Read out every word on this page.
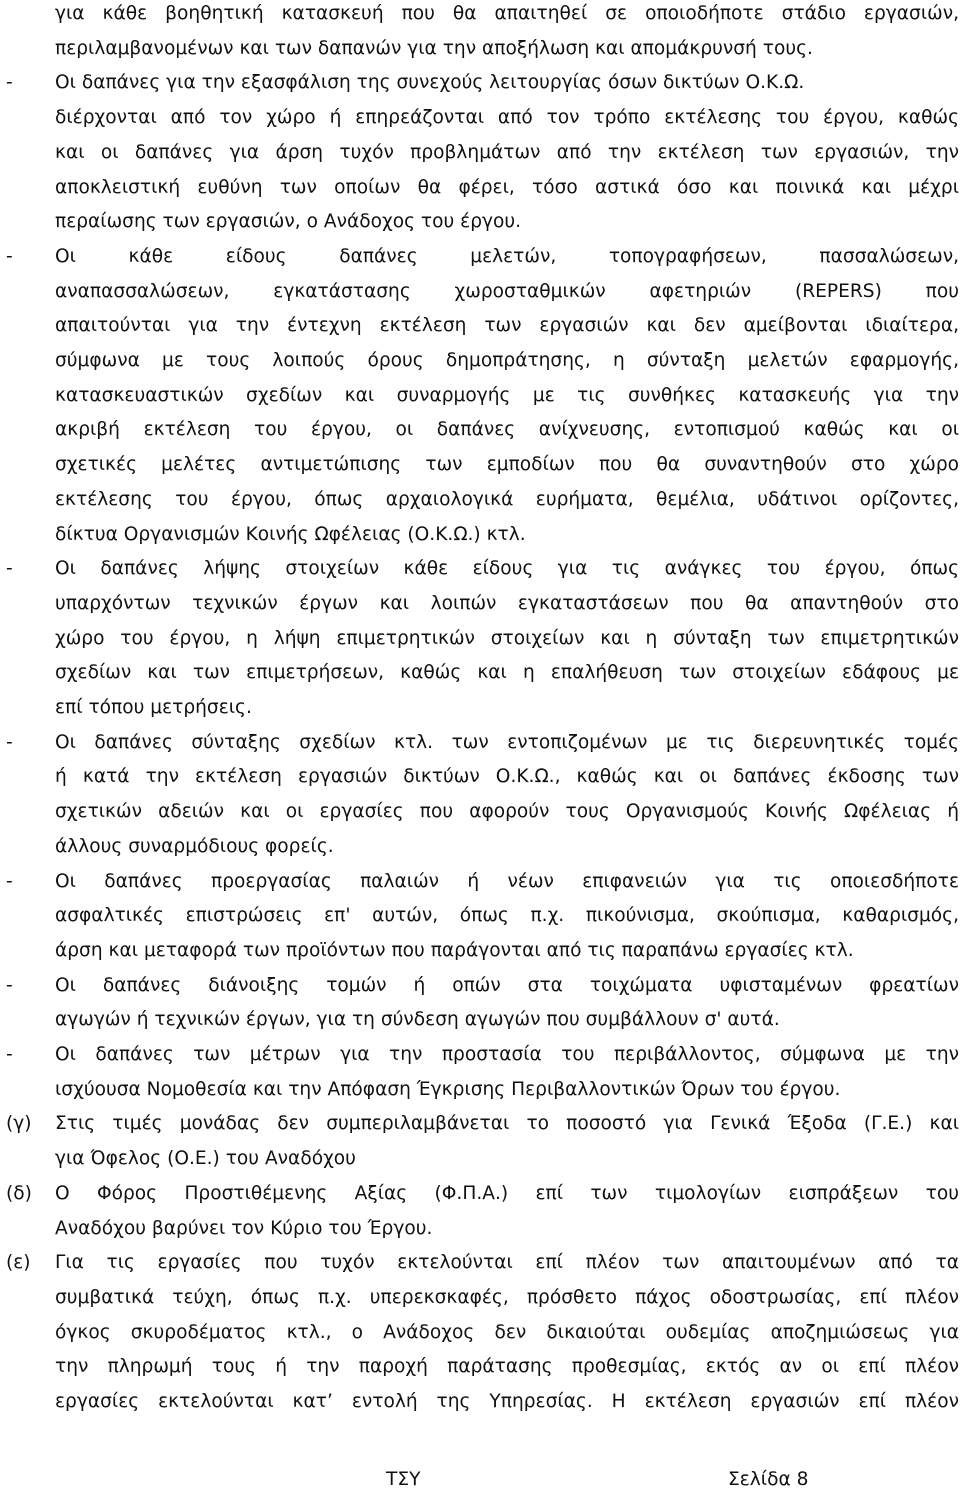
για κάθε βοηθητική κατασκευή που θα απαιτηθεί σε οποιοδήποτε στάδιο εργασιών,
περιλαμβανομένων και των δαπανών για την αποξήλωση και απομάκρυνσή τους.
- Οι δαπάνες για την εξασφάλιση της συνεχούς λειτουργίας όσων δικτύων Ο.Κ.Ω.
διέρχονται από τον χώρο ή επηρεάζονται από τον τρόπο εκτέλεσης του έργου, καθώς
και οι δαπάνες για άρση τυχόν προβλημάτων από την εκτέλεση των εργασιών, την
αποκλειστική ευθύνη των οποίων θα φέρει, τόσο αστικά όσο και ποινικά και μέχρι
περαίωσης των εργασιών, ο Ανάδοχος του έργου.
- Οι κάθε είδους δαπάνες μελετών, τοπογραφήσεων, πασσαλώσεων,
αναπασσαλώσεων, εγκατάστασης χωροσταθμικών αφετηριών (REPERS) που
απαιτούνται για την έντεχνη εκτέλεση των εργασιών και δεν αμείβονται ιδιαίτερα,
σύμφωνα με τους λοιπούς όρους δημοπράτησης, η σύνταξη μελετών εφαρμογής,
κατασκευαστικών σχεδίων και συναρμογής με τις συνθήκες κατασκευής για την
ακριβή εκτέλεση του έργου, οι δαπάνες ανίχνευσης, εντοπισμού καθώς και οι
σχετικές μελέτες αντιμετώπισης των εμποδίων που θα συναντηθούν στο χώρο
εκτέλεσης του έργου, όπως αρχαιολογικά ευρήματα, θεμέλια, υδάτινοι ορίζοντες,
δίκτυα Οργανισμών Κοινής Ωφέλειας (Ο.Κ.Ω.) κτλ.
- Οι δαπάνες λήψης στοιχείων κάθε είδους για τις ανάγκες του έργου, όπως
υπαρχόντων τεχνικών έργων και λοιπών εγκαταστάσεων που θα απαντηθούν στο
χώρο του έργου, η λήψη επιμετρητικών στοιχείων και η σύνταξη των επιμετρητικών
σχεδίων και των επιμετρήσεων, καθώς και η επαλήθευση των στοιχείων εδάφους με
επί τόπου μετρήσεις.
- Οι δαπάνες σύνταξης σχεδίων κτλ. των εντοπιζομένων με τις διερευνητικές τομές
ή κατά την εκτέλεση εργασιών δικτύων Ο.Κ.Ω., καθώς και οι δαπάνες έκδοσης των
σχετικών αδειών και οι εργασίες που αφορούν τους Οργανισμούς Κοινής Ωφέλειας ή
άλλους συναρμόδιους φορείς.
- Οι δαπάνες προεργασίας παλαιών ή νέων επιφανειών για τις οποιεσδήποτε
ασφαλτικές επιστρώσεις επ' αυτών, όπως π.χ. πικούνισμα, σκούπισμα, καθαρισμός,
άρση και μεταφορά των προϊόντων που παράγονται από τις παραπάνω εργασίες κτλ.
- Οι δαπάνες διάνοιξης τομών ή οπών στα τοιχώματα υφισταμένων φρεατίων
αγωγών ή τεχνικών έργων, για τη σύνδεση αγωγών που συμβάλλουν σ' αυτά.
- Οι δαπάνες των μέτρων για την προστασία του περιβάλλοντος, σύμφωνα με την
ισχύουσα Νομοθεσία και την Απόφαση Έγκρισης Περιβαλλοντικών Όρων του έργου.
(γ) Στις τιμές μονάδας δεν συμπεριλαμβάνεται το ποσοστό για Γενικά Έξοδα (Γ.Ε.) και
για Όφελος (Ο.Ε.) του Αναδόχου
(δ) Ο Φόρος Προστιθέμενης Αξίας (Φ.Π.Α.) επί των τιμολογίων εισπράξεων του
Αναδόχου βαρύνει τον Κύριο του Έργου.
(ε) Για τις εργασίες που τυχόν εκτελούνται επί πλέον των απαιτουμένων από τα
συμβατικά τεύχη, όπως π.χ. υπερεκσκαφές, πρόσθετο πάχος οδοστρωσίας, επί πλέον
όγκος σκυροδέματος κτλ., ο Ανάδοχος δεν δικαιούται ουδεμίας αποζημιώσεως για
την πληρωμή τους ή την παροχή παράτασης προθεσμίας, εκτός αν οι επί πλέον
εργασίες εκτελούνται κατ’ εντολή της Υπηρεσίας. Η εκτέλεση εργασιών επί πλέον
ΤΣΥ	Σελίδα 8
